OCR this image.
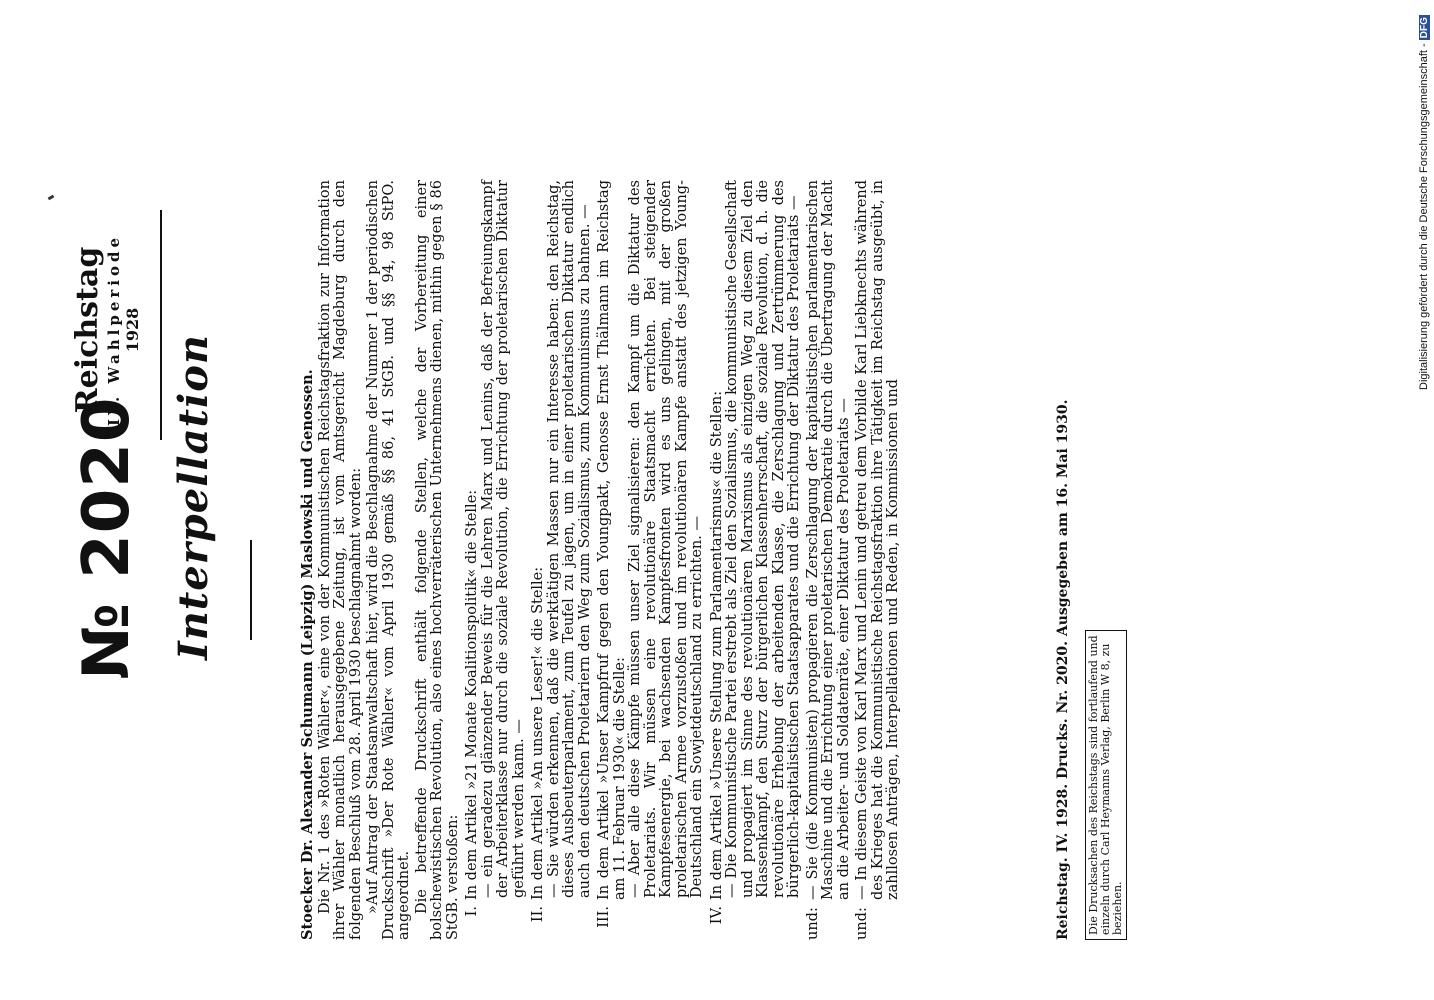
№ 2020
Reichstag IV. Wahlperiode 1928
Interpellation	Stoecker Dr. Alexander Schumann (Leipzig) Maslowski und Genossen. Die Nr. 1 des »Roten Wähler«, eine von der Kommunistischen Reichstagsfraktion zur Information ihrer Wähler monatlich herausgegebene Zeitung, ist vom Amtsgericht Magdeburg durch den folgenden Beschluß vom 28. April 1930 beschlagnahmt worden: »Auf Antrag der Staatsanwaltschaft hier, wird die Beschlagnahme der Nummer 1 der periodischen Druckschrift »Der Rote Wähler« vom April 1930 gemäß §§ 86, 41 StGB. und §§ 94, 98 StPO. angeordnet. Die betreffende Druckschrift enthält folgende Stellen, welche der Vorbereitung einer bolschewistischen Revolution, also eines hochverräterischen Unternehmens dienen, mithin gegen § 86 StGB. verstoßen: I.
In dem Artikel »21 Monate Koalitionspolitik« die Stelle: — ein geradezu glänzender Beweis für die Lehren Marx und Lenins, daß der Befreiungskampf der Arbeiterklasse nur durch die soziale Revolution, die Errichtung der proletarischen Diktatur geführt werden kann. —

II.
In dem Artikel »An unsere Leser!« die Stelle: — Sie würden erkennen, daß die werktätigen Massen nur ein Interesse haben: den Reichstag, dieses Ausbeuterparlament, zum Teufel zu jagen, um in einer proletarischen Diktatur endlich auch den deutschen Proletariern den Weg zum Sozialismus, zum Kommunismus zu bahnen. —

III.
In dem Artikel »Unser Kampfruf gegen den Youngpakt, Genosse Ernst Thälmann im Reichstag am 11. Februar 1930« die Stelle: — Aber alle diese Kämpfe müssen unser Ziel signalisieren: den Kampf um die Diktatur des Proletariats. Wir müssen eine revolutionäre Staatsmacht errichten. Bei steigender Kampfesenergie, bei wachsenden Kampfesfronten wird es uns gelingen, mit der großen proletarischen Armee vorzustoßen und im revolutionären Kampfe anstatt des jetzigen Young-Deutschland ein Sowjetdeutschland zu errichten. —

IV.
In dem Artikel »Unsere Stellung zum Parlamentarismus« die Stellen: — Die Kommunistische Partei erstrebt als Ziel den Sozialismus, die kommunistische Gesellschaft und propagiert im Sinne des revolutionären Marxismus als einzigen Weg zu diesem Ziel den Klassenkampf, den Sturz der bürgerlichen Klassenherrschaft, die soziale Revolution, d. h. die revolutionäre Erhebung der arbeitenden Klasse, die Zerschlagung und Zertrümmerung des bürgerlich-kapitalistischen Staatsapparates und die Errichtung der Diktatur des Proletariats —

und:
— Sie (die Kommunisten) propagieren die Zerschlagung der kapitalistischen parlamentarischen Maschine und die Errichtung einer proletarischen Demokratie durch die Übertragung der Macht an die Arbeiter- und Soldatenräte, einer Diktatur des Proletariats —
und:
— In diesem Geiste von Karl Marx und Lenin und getreu dem Vorbilde Karl Liebknechts während des Krieges hat die Kommunistische Reichstagsfraktion ihre Tätigkeit im Reichstag ausgeübt, in zahllosen Anträgen, Interpellationen und Reden, in Kommissionen und	Reichstag. IV. 1928. Drucks. Nr. 2020. Ausgegeben am 16. Mai 1930. Die Drucksachen des Reichstags sind fortlaufend und einzeln durch Carl Heymanns Verlag, Berlin W 8, zu beziehen.
Digitalisierung gefördert durch die Deutsche Forschungsgemeinschaft - DFG
